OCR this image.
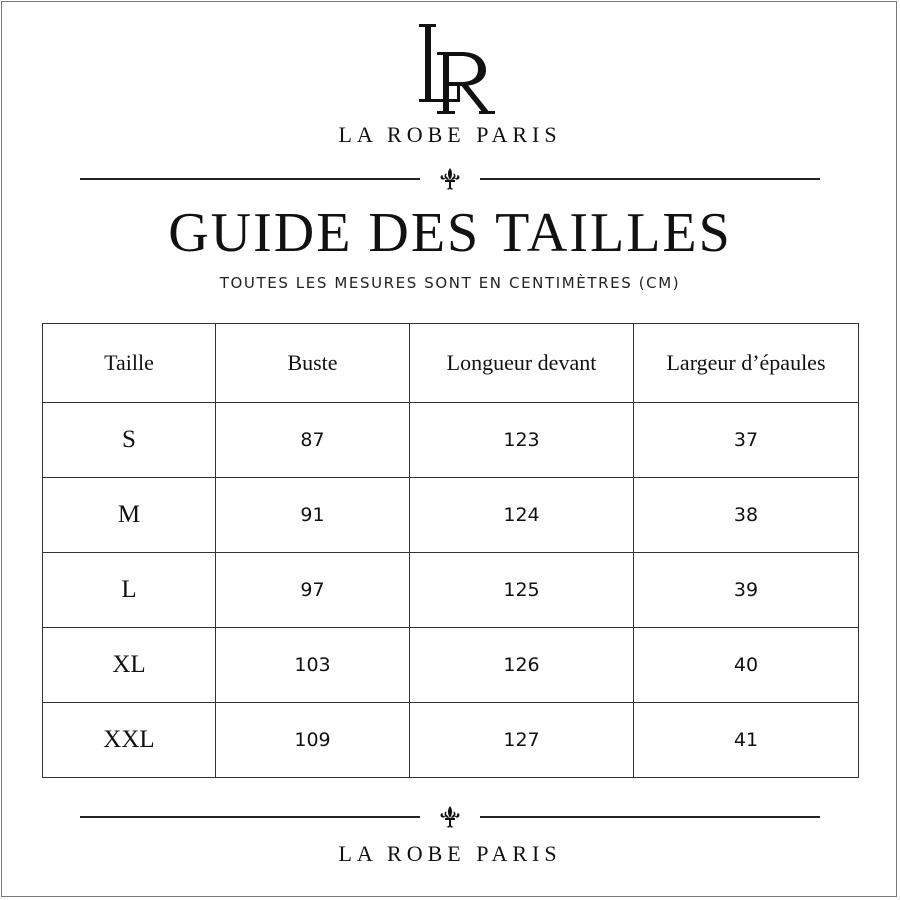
LA ROBE PARIS
GUIDE DES TAILLES
TOUTES LES MESURES SONT EN CENTIMÈTRES (CM)
Taille	Buste	Longueur devant	Largeur d’épaules
S	87	123	37
M	91	124	38
L	97	125	39
XL	103	126	40
XXL	109	127	41
LA ROBE PARIS
